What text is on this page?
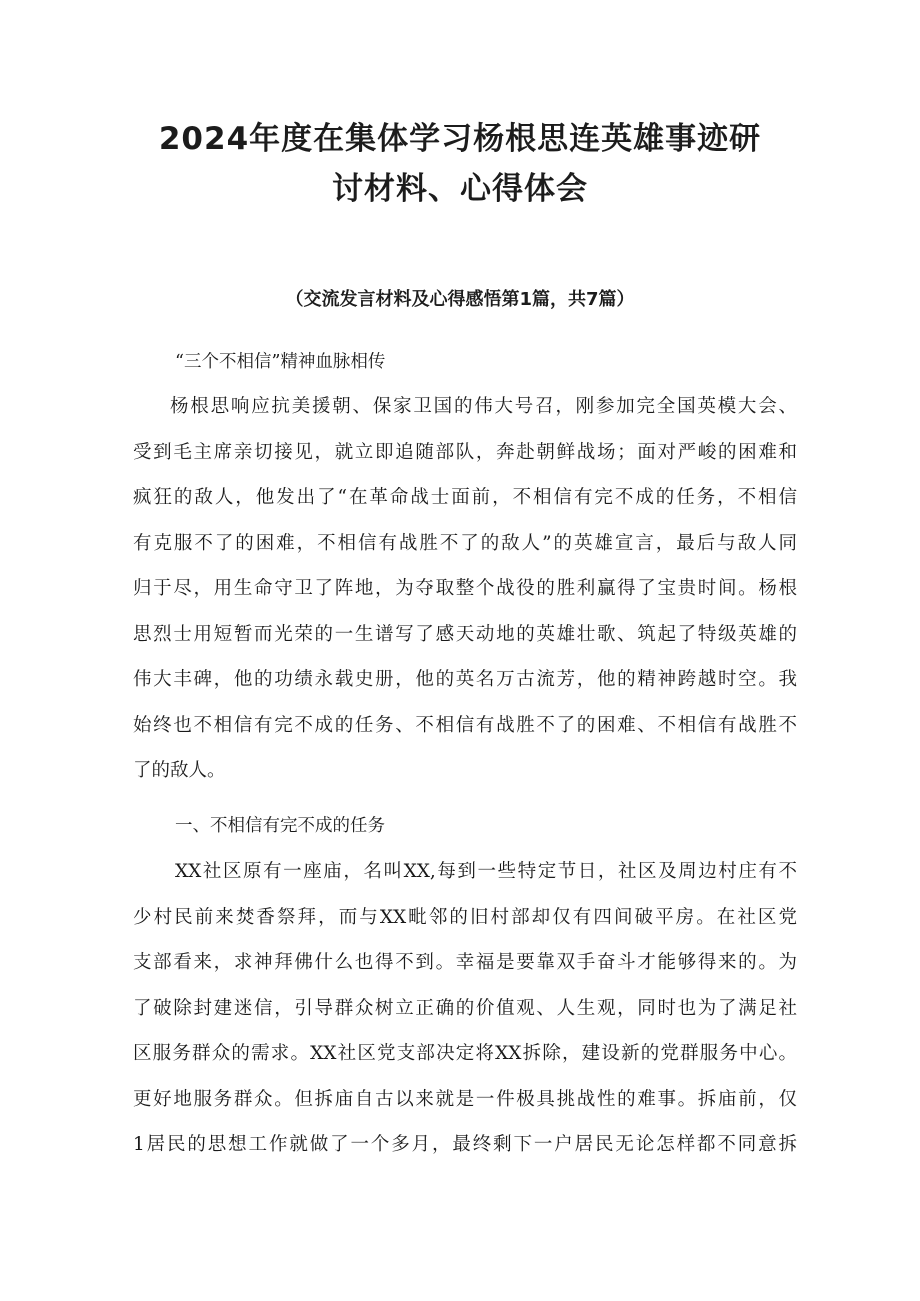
2024年度在集体学习杨根思连英雄事迹研
讨材料、心得体会

（交流发言材料及心得感悟第1篇，共7篇）

“三个不相信”精神血脉相传

杨根思响应抗美援朝、保家卫国的伟大号召，刚参加完全国英模大会、
受到毛主席亲切接见，就立即追随部队，奔赴朝鲜战场；面对严峻的困难和
疯狂的敌人，他发出了“在革命战士面前，不相信有完不成的任务，不相信
有克服不了的困难，不相信有战胜不了的敌人”的英雄宣言，最后与敌人同
归于尽，用生命守卫了阵地，为夺取整个战役的胜利赢得了宝贵时间。杨根
思烈士用短暂而光荣的一生谱写了感天动地的英雄壮歌、筑起了特级英雄的
伟大丰碑，他的功绩永载史册，他的英名万古流芳，他的精神跨越时空。我
始终也不相信有完不成的任务、不相信有战胜不了的困难、不相信有战胜不
了的敌人。

一、不相信有完不成的任务

XX社区原有一座庙，名叫XX,每到一些特定节日，社区及周边村庄有不
少村民前来焚香祭拜，而与XX毗邻的旧村部却仅有四间破平房。在社区党
支部看来，求神拜佛什么也得不到。幸福是要靠双手奋斗才能够得来的。为
了破除封建迷信，引导群众树立正确的价值观、人生观，同时也为了满足社
区服务群众的需求。XX社区党支部决定将XX拆除，建设新的党群服务中心。
更好地服务群众。但拆庙自古以来就是一件极具挑战性的难事。拆庙前，仅
1居民的思想工作就做了一个多月，最终剩下一户居民无论怎样都不同意拆
